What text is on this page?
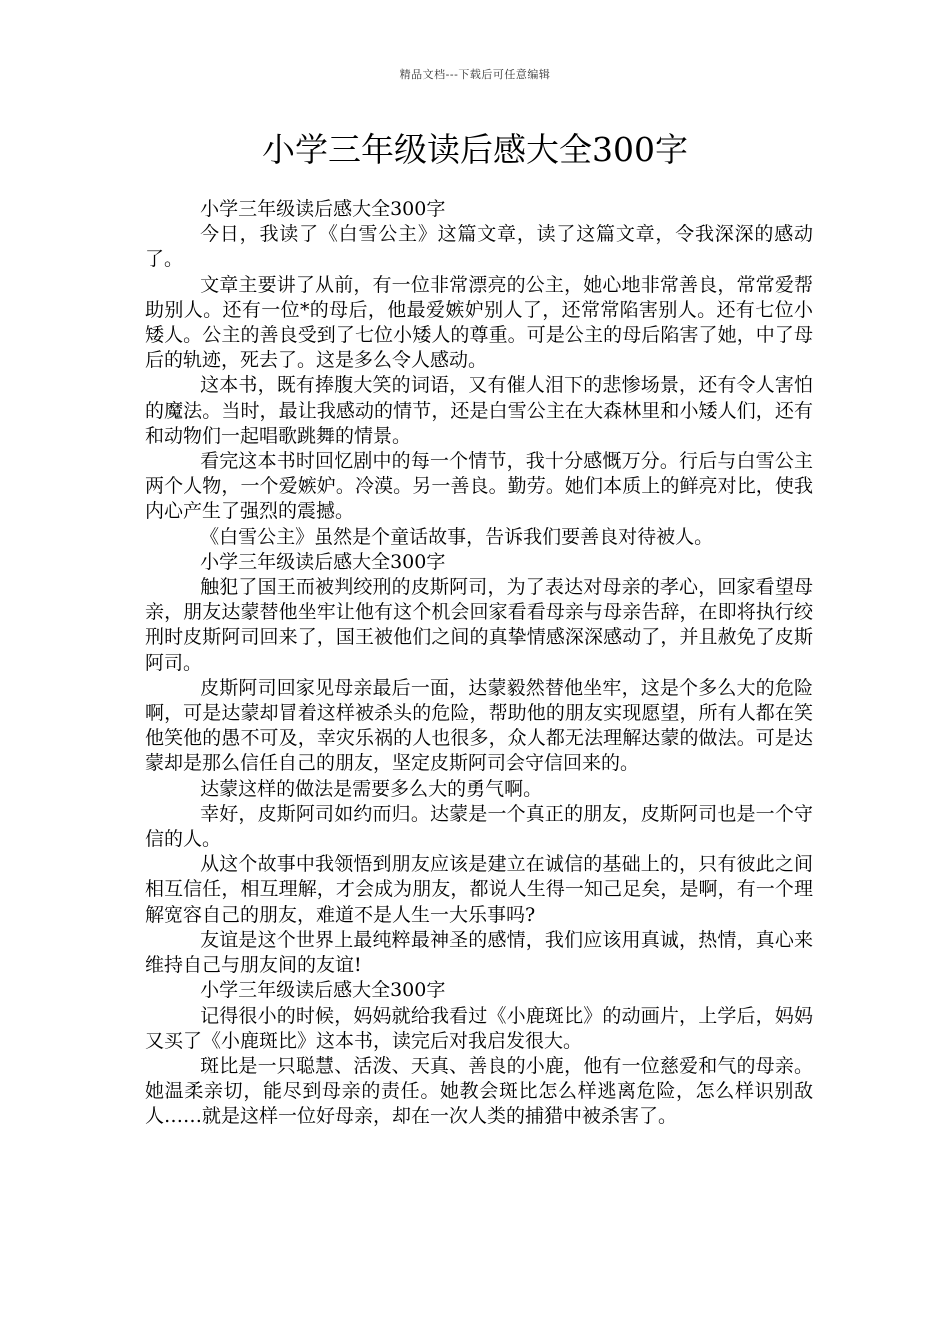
精品文档---下载后可任意编辑
小学三年级读后感大全300字

小学三年级读后感大全300字

今日，我读了《白雪公主》这篇文章，读了这篇文章，令我深深的感动了。

文章主要讲了从前，有一位非常漂亮的公主，她心地非常善良，常常爱帮助别人。还有一位*的母后，他最爱嫉妒别人了，还常常陷害别人。还有七位小矮人。公主的善良受到了七位小矮人的尊重。可是公主的母后陷害了她，中了母后的轨迹，死去了。这是多么令人感动。

这本书，既有捧腹大笑的词语，又有催人泪下的悲惨场景，还有令人害怕的魔法。当时，最让我感动的情节，还是白雪公主在大森林里和小矮人们，还有和动物们一起唱歌跳舞的情景。

看完这本书时回忆剧中的每一个情节，我十分感慨万分。行后与白雪公主两个人物，一个爱嫉妒。冷漠。另一善良。勤劳。她们本质上的鲜亮对比，使我内心产生了强烈的震撼。

《白雪公主》虽然是个童话故事，告诉我们要善良对待被人。

小学三年级读后感大全300字

触犯了国王而被判绞刑的皮斯阿司，为了表达对母亲的孝心，回家看望母亲，朋友达蒙替他坐牢让他有这个机会回家看看母亲与母亲告辞，在即将执行绞刑时皮斯阿司回来了，国王被他们之间的真挚情感深深感动了，并且赦免了皮斯阿司。

皮斯阿司回家见母亲最后一面，达蒙毅然替他坐牢，这是个多么大的危险啊，可是达蒙却冒着这样被杀头的危险，帮助他的朋友实现愿望，所有人都在笑他笑他的愚不可及，幸灾乐祸的人也很多，众人都无法理解达蒙的做法。可是达蒙却是那么信任自己的朋友，坚定皮斯阿司会守信回来的。

达蒙这样的做法是需要多么大的勇气啊。

幸好，皮斯阿司如约而归。达蒙是一个真正的朋友，皮斯阿司也是一个守信的人。

从这个故事中我领悟到朋友应该是建立在诚信的基础上的，只有彼此之间相互信任，相互理解，才会成为朋友，都说人生得一知己足矣，是啊，有一个理解宽容自己的朋友，难道不是人生一大乐事吗?

友谊是这个世界上最纯粹最神圣的感情，我们应该用真诚，热情，真心来维持自己与朋友间的友谊!

小学三年级读后感大全300字

记得很小的时候，妈妈就给我看过《小鹿斑比》的动画片，上学后，妈妈又买了《小鹿斑比》这本书，读完后对我启发很大。

斑比是一只聪慧、活泼、天真、善良的小鹿，他有一位慈爱和气的母亲。她温柔亲切，能尽到母亲的责任。她教会斑比怎么样逃离危险，怎么样识别敌人……就是这样一位好母亲，却在一次人类的捕猎中被杀害了。
